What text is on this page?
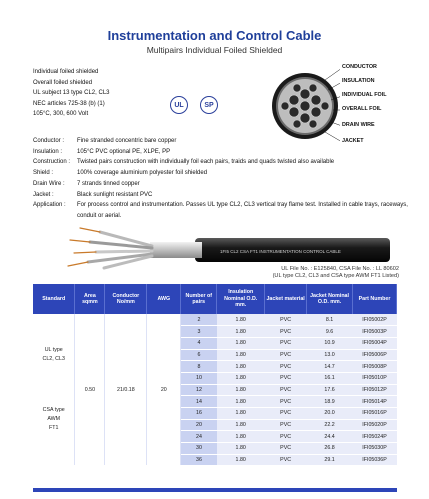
Instrumentation and Control Cable
Multipairs Individual Foiled Shielded
Individual foiled shielded
Overall foiled shielded
UL subject 13 type CL2, CL3
NEC articles 725-38 (b) (1)
105°C, 300, 600 Volt
UL	SP
CONDUCTOR
INSULATION
INDIVIDUAL FOIL
OVERALL FOIL
DRAIN WIRE
JACKET
Conductor :	Fine stranded concentric bare copper
Insulation :	105°C PVC optional PE, XLPE, PP
Construction :	Twisted pairs construction with individually foil each pairs, traids and quads twisted also available
Shield :	100% coverage aluminium polyester foil shielded
Drain Wire :	7 strands tinned copper
Jacket :	Black sunlight resistant PVC
Application :	For process control and instrumentation. Passes UL type CL2, CL3 vertical tray flame test. Installed in cable trays, raceways, conduit or aerial.
1FI5 CL2 CSA FT1 INSTRUMENTATION CONTROL CABLE
UL File No. : E125840, CSA File No. : LL 80602
(UL type CL2, CL3 and CSA type AWM FT1 Listed)
Standard	Area sqmm	Conductor No/mm	AWG	Number of pairs	Insulation Nominal O.D. mm.	Jacket material	Jacket Nominal O.D. mm.	Part Number

UL type
CL2, CL3
CSA type
AWM
FT1	0.50	21/0.18	20	2	1.80	PVC	8.1	IFI05002P
				3	1.80	PVC	9.6	IFI05003P
				4	1.80	PVC	10.9	IFI05004P
				6	1.80	PVC	13.0	IFI05006P
				8	1.80	PVC	14.7	IFI05008P
				10	1.80	PVC	16.1	IFI05010P
				12	1.80	PVC	17.6	IFI05012P
				14	1.80	PVC	18.9	IFI05014P
				16	1.80	PVC	20.0	IFI05016P
				20	1.80	PVC	22.2	IFI05020P
				24	1.80	PVC	24.4	IFI05024P
				30	1.80	PVC	26.8	IFI05030P
				36	1.80	PVC	29.1	IFI05036P
